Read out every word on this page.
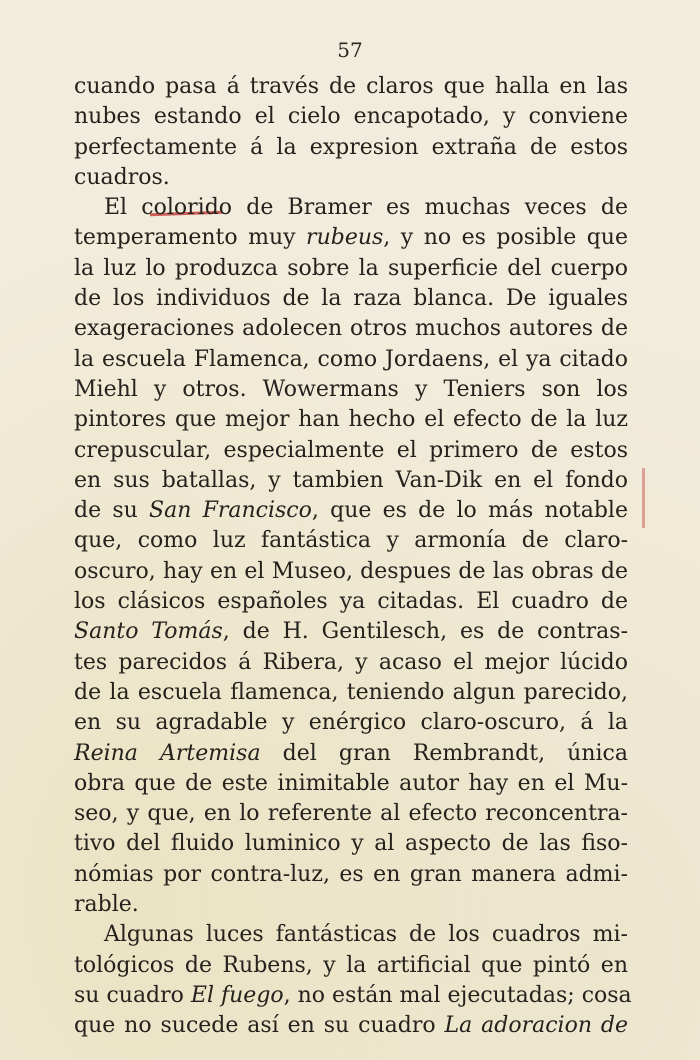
57
cuando pasa á través de claros que halla en las
nubes estando el cielo encapotado, y conviene
perfectamente á la expresion extraña de estos
cuadros.
El colorido de Bramer es muchas veces de
temperamento muy rubeus, y no es posible que
la luz lo produzca sobre la superficie del cuerpo
de los individuos de la raza blanca. De iguales
exageraciones adolecen otros muchos autores de
la escuela Flamenca, como Jordaens, el ya citado
Miehl y otros. Wowermans y Teniers son los
pintores que mejor han hecho el efecto de la luz
crepuscular, especialmente el primero de estos
en sus batallas, y tambien Van-Dik en el fondo
de su San Francisco, que es de lo más notable
que, como luz fantástica y armonía de claro-
oscuro, hay en el Museo, despues de las obras de
los clásicos españoles ya citadas. El cuadro de
Santo Tomás, de H. Gentilesch, es de contras-
tes parecidos á Ribera, y acaso el mejor lúcido
de la escuela flamenca, teniendo algun parecido,
en su agradable y enérgico claro-oscuro, á la
Reina Artemisa del gran Rembrandt, única
obra que de este inimitable autor hay en el Mu-
seo, y que, en lo referente al efecto reconcentra-
tivo del fluido luminico y al aspecto de las fiso-
nómias por contra-luz, es en gran manera admi-
rable.
Algunas luces fantásticas de los cuadros mi-
tológicos de Rubens, y la artificial que pintó en
su cuadro El fuego, no están mal ejecutadas; cosa
que no sucede así en su cuadro La adoracion de
